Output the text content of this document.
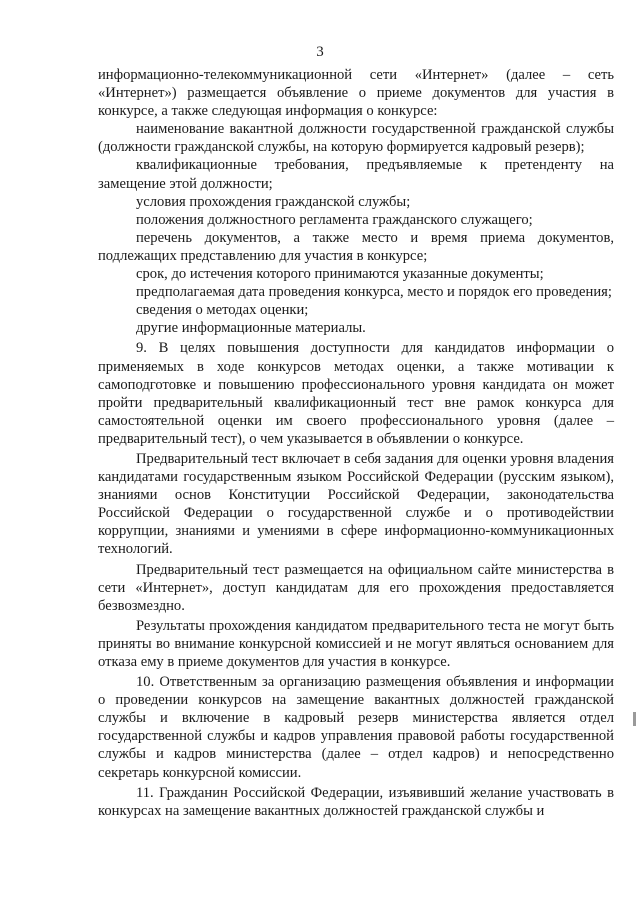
3

информационно-телекоммуникационной сети «Интернет» (далее – сеть «Интернет») размещается объявление о приеме документов для участия в конкурсе, а также следующая информация о конкурсе:

наименование вакантной должности государственной гражданской службы (должности гражданской службы, на которую формируется кадровый резерв);

квалификационные требования, предъявляемые к претенденту на замещение этой должности;

условия прохождения гражданской службы;

положения должностного регламента гражданского служащего;

перечень документов, а также место и время приема документов, подлежащих представлению для участия в конкурсе;

срок, до истечения которого принимаются указанные документы;

предполагаемая дата проведения конкурса, место и порядок его проведения;

сведения о методах оценки;

другие информационные материалы.

9. В целях повышения доступности для кандидатов информации о применяемых в ходе конкурсов методах оценки, а также мотивации к самоподготовке и повышению профессионального уровня кандидата он может пройти предварительный квалификационный тест вне рамок конкурса для самостоятельной оценки им своего профессионального уровня (далее – предварительный тест), о чем указывается в объявлении о конкурсе.

Предварительный тест включает в себя задания для оценки уровня владения кандидатами государственным языком Российской Федерации (русским языком), знаниями основ Конституции Российской Федерации, законодательства Российской Федерации о государственной службе и о противодействии коррупции, знаниями и умениями в сфере информационно-коммуникационных технологий.

Предварительный тест размещается на официальном сайте министерства в сети «Интернет», доступ кандидатам для его прохождения предоставляется безвозмездно.

Результаты прохождения кандидатом предварительного теста не могут быть приняты во внимание конкурсной комиссией и не могут являться основанием для отказа ему в приеме документов для участия в конкурсе.

10. Ответственным за организацию размещения объявления и информации о проведении конкурсов на замещение вакантных должностей гражданской службы и включение в кадровый резерв министерства является отдел государственной службы и кадров управления правовой работы государственной службы и кадров министерства (далее – отдел кадров) и непосредственно секретарь конкурсной комиссии.

11. Гражданин Российской Федерации, изъявивший желание участвовать в конкурсах на замещение вакантных должностей гражданской службы и
